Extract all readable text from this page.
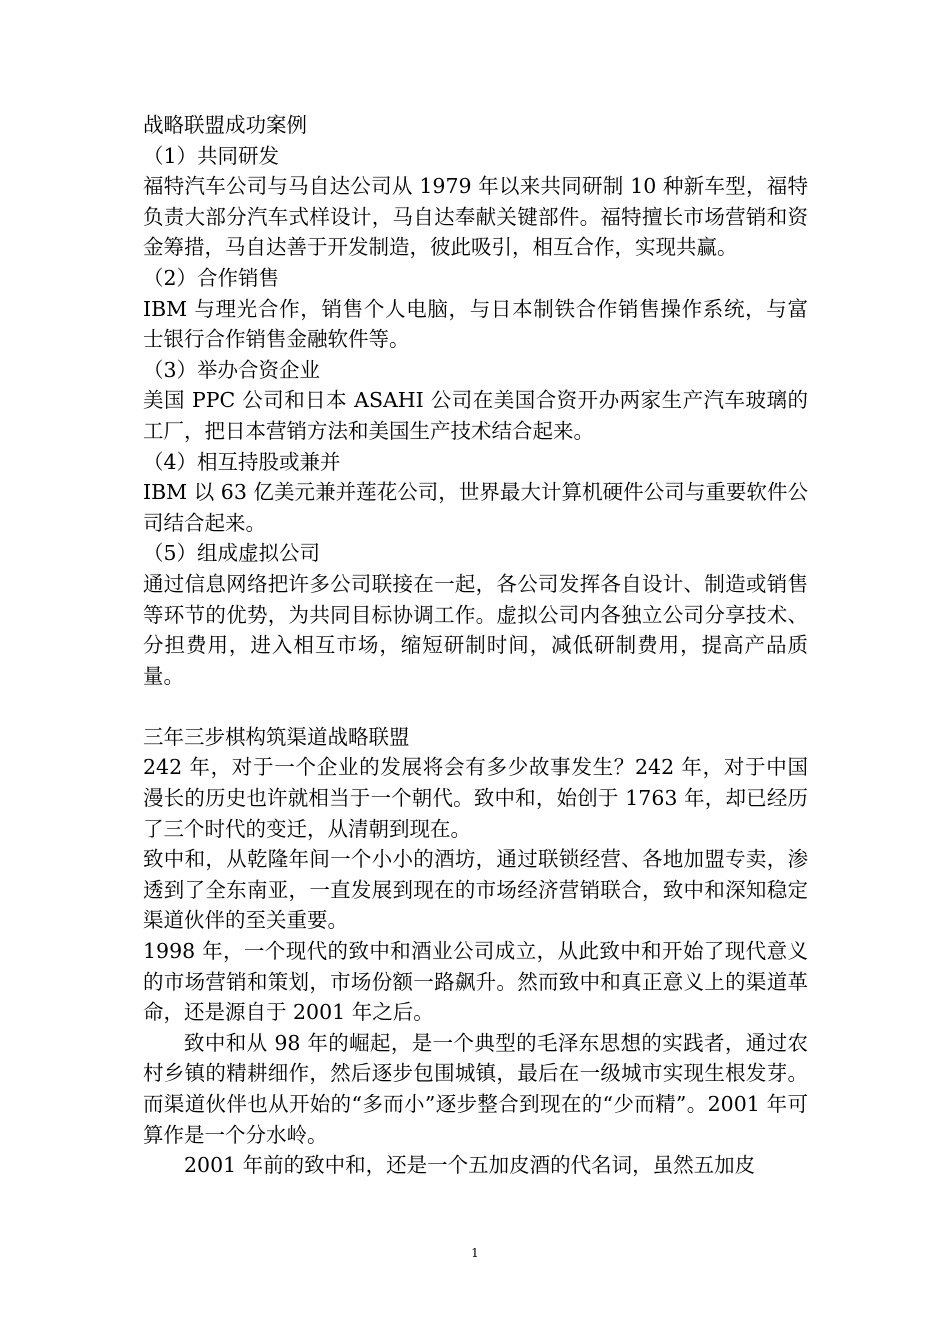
战略联盟成功案例

（1）共同研发

福特汽车公司与马自达公司从 1979 年以来共同研制 10 种新车型，福特负责大部分汽车式样设计，马自达奉献关键部件。福特擅长市场营销和资金筹措，马自达善于开发制造，彼此吸引，相互合作，实现共赢。

（2）合作销售

IBM 与理光合作，销售个人电脑，与日本制铁合作销售操作系统，与富士银行合作销售金融软件等。

（3）举办合资企业

美国 PPC 公司和日本 ASAHI 公司在美国合资开办两家生产汽车玻璃的工厂，把日本营销方法和美国生产技术结合起来。

（4）相互持股或兼并

IBM 以 63 亿美元兼并莲花公司，世界最大计算机硬件公司与重要软件公司结合起来。

（5）组成虚拟公司

通过信息网络把许多公司联接在一起，各公司发挥各自设计、制造或销售等环节的优势，为共同目标协调工作。虚拟公司内各独立公司分享技术、分担费用，进入相互市场，缩短研制时间，减低研制费用，提高产品质量。

三年三步棋构筑渠道战略联盟

242 年，对于一个企业的发展将会有多少故事发生？242 年，对于中国漫长的历史也许就相当于一个朝代。致中和，始创于 1763 年，却已经历了三个时代的变迁，从清朝到现在。

致中和，从乾隆年间一个小小的酒坊，通过联锁经营、各地加盟专卖，渗透到了全东南亚，一直发展到现在的市场经济营销联合，致中和深知稳定渠道伙伴的至关重要。

1998 年，一个现代的致中和酒业公司成立，从此致中和开始了现代意义的市场营销和策划，市场份额一路飙升。然而致中和真正意义上的渠道革命，还是源自于 2001 年之后。

致中和从 98 年的崛起，是一个典型的毛泽东思想的实践者，通过农村乡镇的精耕细作，然后逐步包围城镇，最后在一级城市实现生根发芽。而渠道伙伴也从开始的“多而小”逐步整合到现在的“少而精”。2001 年可算作是一个分水岭。

2001 年前的致中和，还是一个五加皮酒的代名词，虽然五加皮

1
